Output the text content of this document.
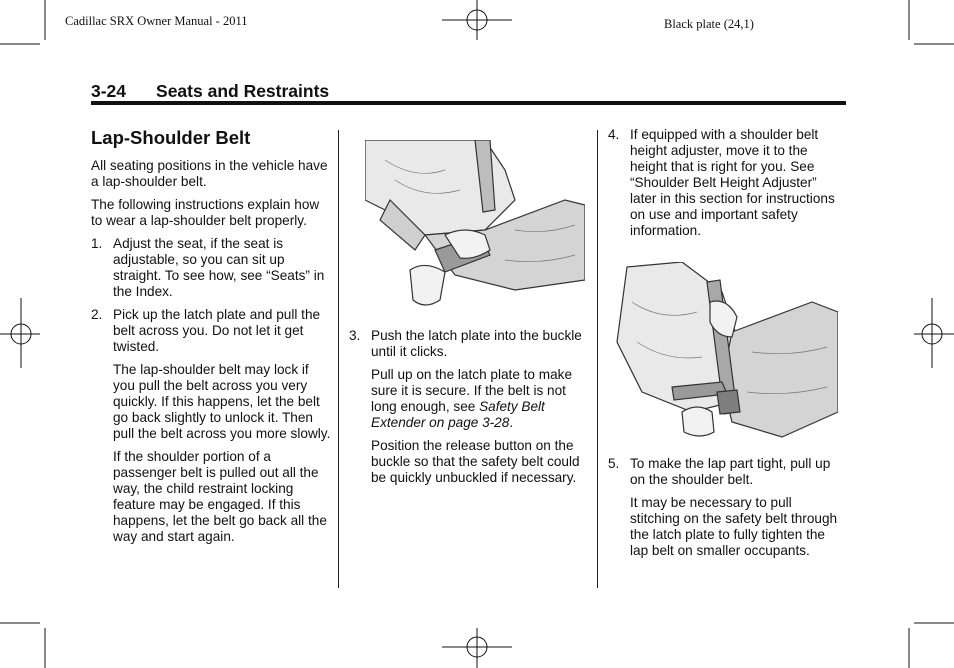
Cadillac SRX Owner Manual - 2011	Black plate (24,1)
3-24 Seats and Restraints
Lap-Shoulder Belt

All seating positions in the vehicle have a lap-shoulder belt.

The following instructions explain how to wear a lap-shoulder belt properly.

1. Adjust the seat, if the seat is adjustable, so you can sit up straight. To see how, see “Seats” in the Index.
2. Pick up the latch plate and pull the belt across you. Do not let it get twisted.

The lap-shoulder belt may lock if you pull the belt across you very quickly. If this happens, let the belt go back slightly to unlock it. Then pull the belt across you more slowly.

If the shoulder portion of a passenger belt is pulled out all the way, the child restraint locking feature may be engaged. If this happens, let the belt go back all the way and start again.

3. Push the latch plate into the buckle until it clicks.

Pull up on the latch plate to make sure it is secure. If the belt is not long enough, see Safety Belt Extender on page 3-28.

Position the release button on the buckle so that the safety belt could be quickly unbuckled if necessary.

4. If equipped with a shoulder belt height adjuster, move it to the height that is right for you. See “Shoulder Belt Height Adjuster” later in this section for instructions on use and important safety information.
5. To make the lap part tight, pull up on the shoulder belt.

It may be necessary to pull stitching on the safety belt through the latch plate to fully tighten the lap belt on smaller occupants.
